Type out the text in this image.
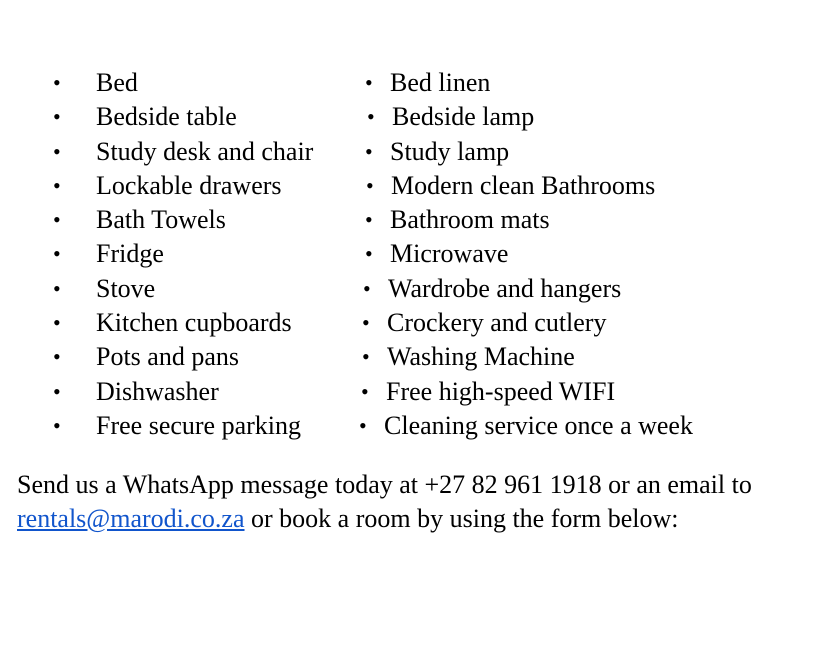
• Bed
• Bedside table
• Study desk and chair
• Lockable drawers
• Bath Towels
• Fridge
• Stove
• Kitchen cupboards
• Pots and pans
• Dishwasher
• Free secure parking
• Bed linen
• Bedside lamp
• Study lamp
• Modern clean Bathrooms
• Bathroom mats
• Microwave
• Wardrobe and hangers
• Crockery and cutlery
• Washing Machine
• Free high-speed WIFI
• Cleaning service once a week

Send us a WhatsApp message today at +27 82 961 1918 or an email to
rentals@marodi.co.za or book a room by using the form below:
